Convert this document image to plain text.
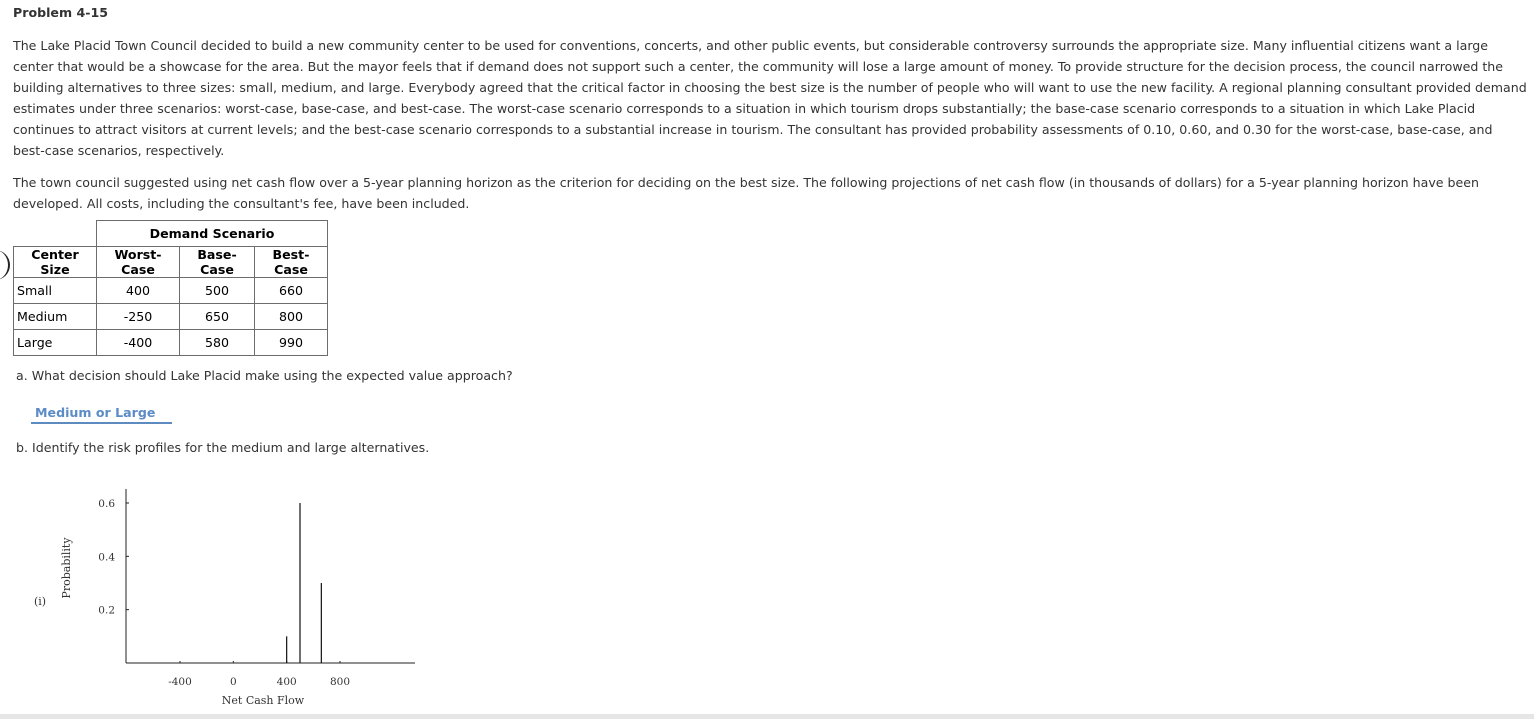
Problem 4-15

The Lake Placid Town Council decided to build a new community center to be used for conventions, concerts, and other public events, but considerable controversy surrounds the appropriate size. Many influential citizens want a large center that would be a showcase for the area. But the mayor feels that if demand does not support such a center, the community will lose a large amount of money. To provide structure for the decision process, the council narrowed the building alternatives to three sizes: small, medium, and large. Everybody agreed that the critical factor in choosing the best size is the number of people who will want to use the new facility. A regional planning consultant provided demand estimates under three scenarios: worst-case, base-case, and best-case. The worst-case scenario corresponds to a situation in which tourism drops substantially; the base-case scenario corresponds to a situation in which Lake Placid continues to attract visitors at current levels; and the best-case scenario corresponds to a substantial increase in tourism. The consultant has provided probability assessments of 0.10, 0.60, and 0.30 for the worst-case, base-case, and best-case scenarios, respectively.

The town council suggested using net cash flow over a 5-year planning horizon as the criterion for deciding on the best size. The following projections of net cash flow (in thousands of dollars) for a 5-year planning horizon have been developed. All costs, including the consultant's fee, have been included.

	Demand Scenario		
Center Size	Worst-Case	Base-Case	Best-Case
Small	400	500	660
Medium	-250	650	800
Large	-400	580	990
a. What decision should Lake Placid make using the expected value approach?
Medium or Large
b. Identify the risk profiles for the medium and large alternatives.
(i)
Probability
Net Cash Flow
-400	0	400	800
0.2
0.4
0.6
